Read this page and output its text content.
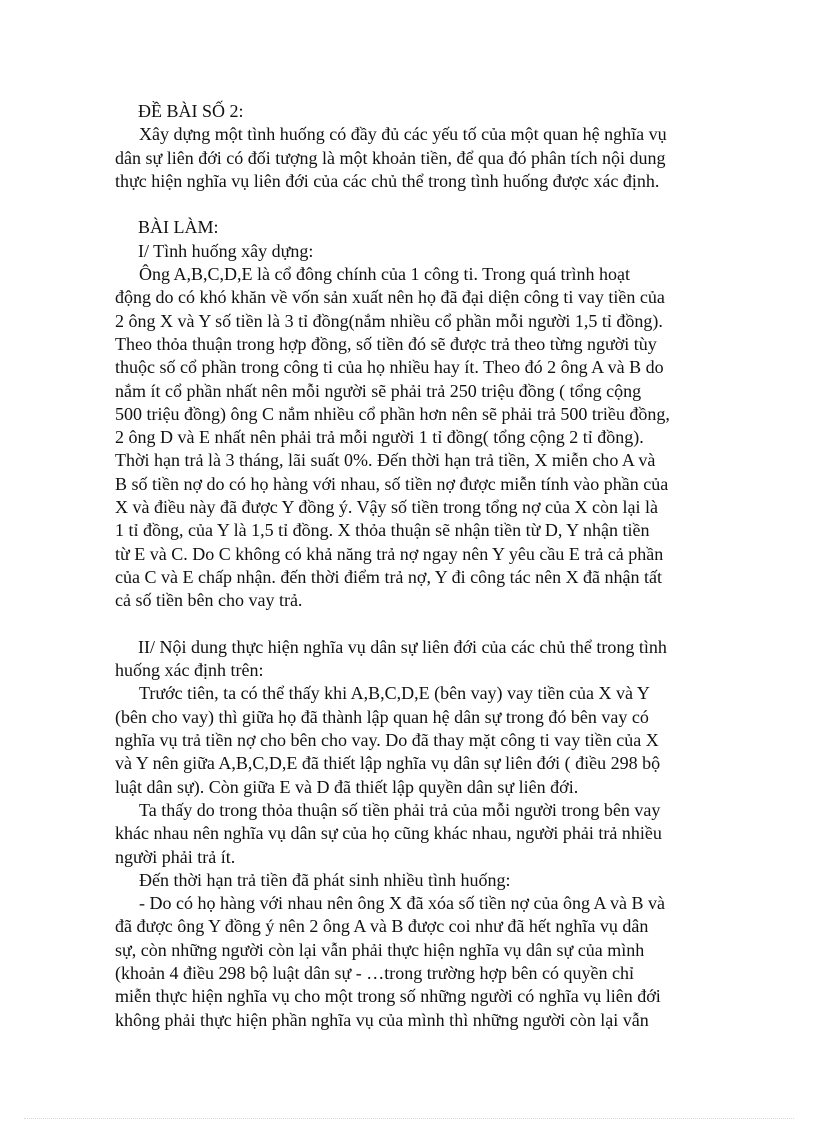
ĐỀ BÀI SỐ 2:
Xây dựng một tình huống có đầy đủ các yếu tố của một quan hệ nghĩa vụ
dân sự liên đới có đối tượng là một khoản tiền, để qua đó phân tích nội dung
thực hiện nghĩa vụ liên đới của các chủ thể trong tình huống được xác định.
BÀI LÀM:
I/ Tình huống xây dựng:
Ông A,B,C,D,E là cổ đông chính của 1 công ti. Trong quá trình hoạt
động do có khó khăn về vốn sản xuất nên họ đã đại diện công ti vay tiền của
2 ông X và Y số tiền là 3 tỉ đồng(nắm nhiều cổ phần mỗi người 1,5 tỉ đồng).
Theo thỏa thuận trong hợp đồng, số tiền đó sẽ được trả theo từng người tùy
thuộc số cổ phần trong công ti của họ nhiều hay ít. Theo đó 2 ông A và B do
nắm ít cổ phần nhất nên mỗi người sẽ phải trả 250 triệu đồng ( tổng cộng
500 triệu đồng) ông C nắm nhiều cổ phần hơn nên sẽ phải trả 500 triều đồng,
2 ông D và E nhất nên phải trả mỗi người 1 tỉ đồng( tổng cộng 2 tỉ đồng).
Thời hạn trả là 3 tháng, lãi suất 0%. Đến thời hạn trả tiền, X miễn cho A và
B số tiền nợ do có họ hàng với nhau, số tiền nợ được miễn tính vào phần của
X và điều này đã được Y đồng ý. Vậy số tiền trong tổng nợ của X còn lại là
1 tỉ đồng, của Y là 1,5 tỉ đồng. X thỏa thuận sẽ nhận tiền từ D, Y nhận tiền
từ E và C. Do C không có khả năng trả nợ ngay nên Y yêu cầu E trả cả phần
của C và E chấp nhận. đến thời điểm trả nợ, Y đi công tác nên X đã nhận tất
cả số tiền bên cho vay trả.
II/ Nội dung thực hiện nghĩa vụ dân sự liên đới của các chủ thể trong tình
huống xác định trên:
Trước tiên, ta có thể thấy khi A,B,C,D,E (bên vay) vay tiền của X và Y
(bên cho vay) thì giữa họ đã thành lập quan hệ dân sự trong đó bên vay có
nghĩa vụ trả tiền nợ cho bên cho vay. Do đã thay mặt công ti vay tiền của X
và Y nên giữa A,B,C,D,E đã thiết lập nghĩa vụ dân sự liên đới ( điều 298 bộ
luật dân sự). Còn giữa E và D đã thiết lập quyền dân sự liên đới.
Ta thấy do trong thỏa thuận số tiền phải trả của mỗi người trong bên vay
khác nhau nên nghĩa vụ dân sự của họ cũng khác nhau, người phải trả nhiều
người phải trả ít.
Đến thời hạn trả tiền đã phát sinh nhiều tình huống:
- Do có họ hàng với nhau nên ông X đã xóa số tiền nợ của ông A và B và
đã được ông Y đồng ý nên 2 ông A và B được coi như đã hết nghĩa vụ dân
sự, còn những người còn lại vẫn phải thực hiện nghĩa vụ dân sự của mình
(khoản 4 điều 298 bộ luật dân sự - …trong trường hợp bên có quyền chỉ
miễn thực hiện nghĩa vụ cho một trong số những người có nghĩa vụ liên đới
không phải thực hiện phần nghĩa vụ của mình thì những người còn lại vẫn
